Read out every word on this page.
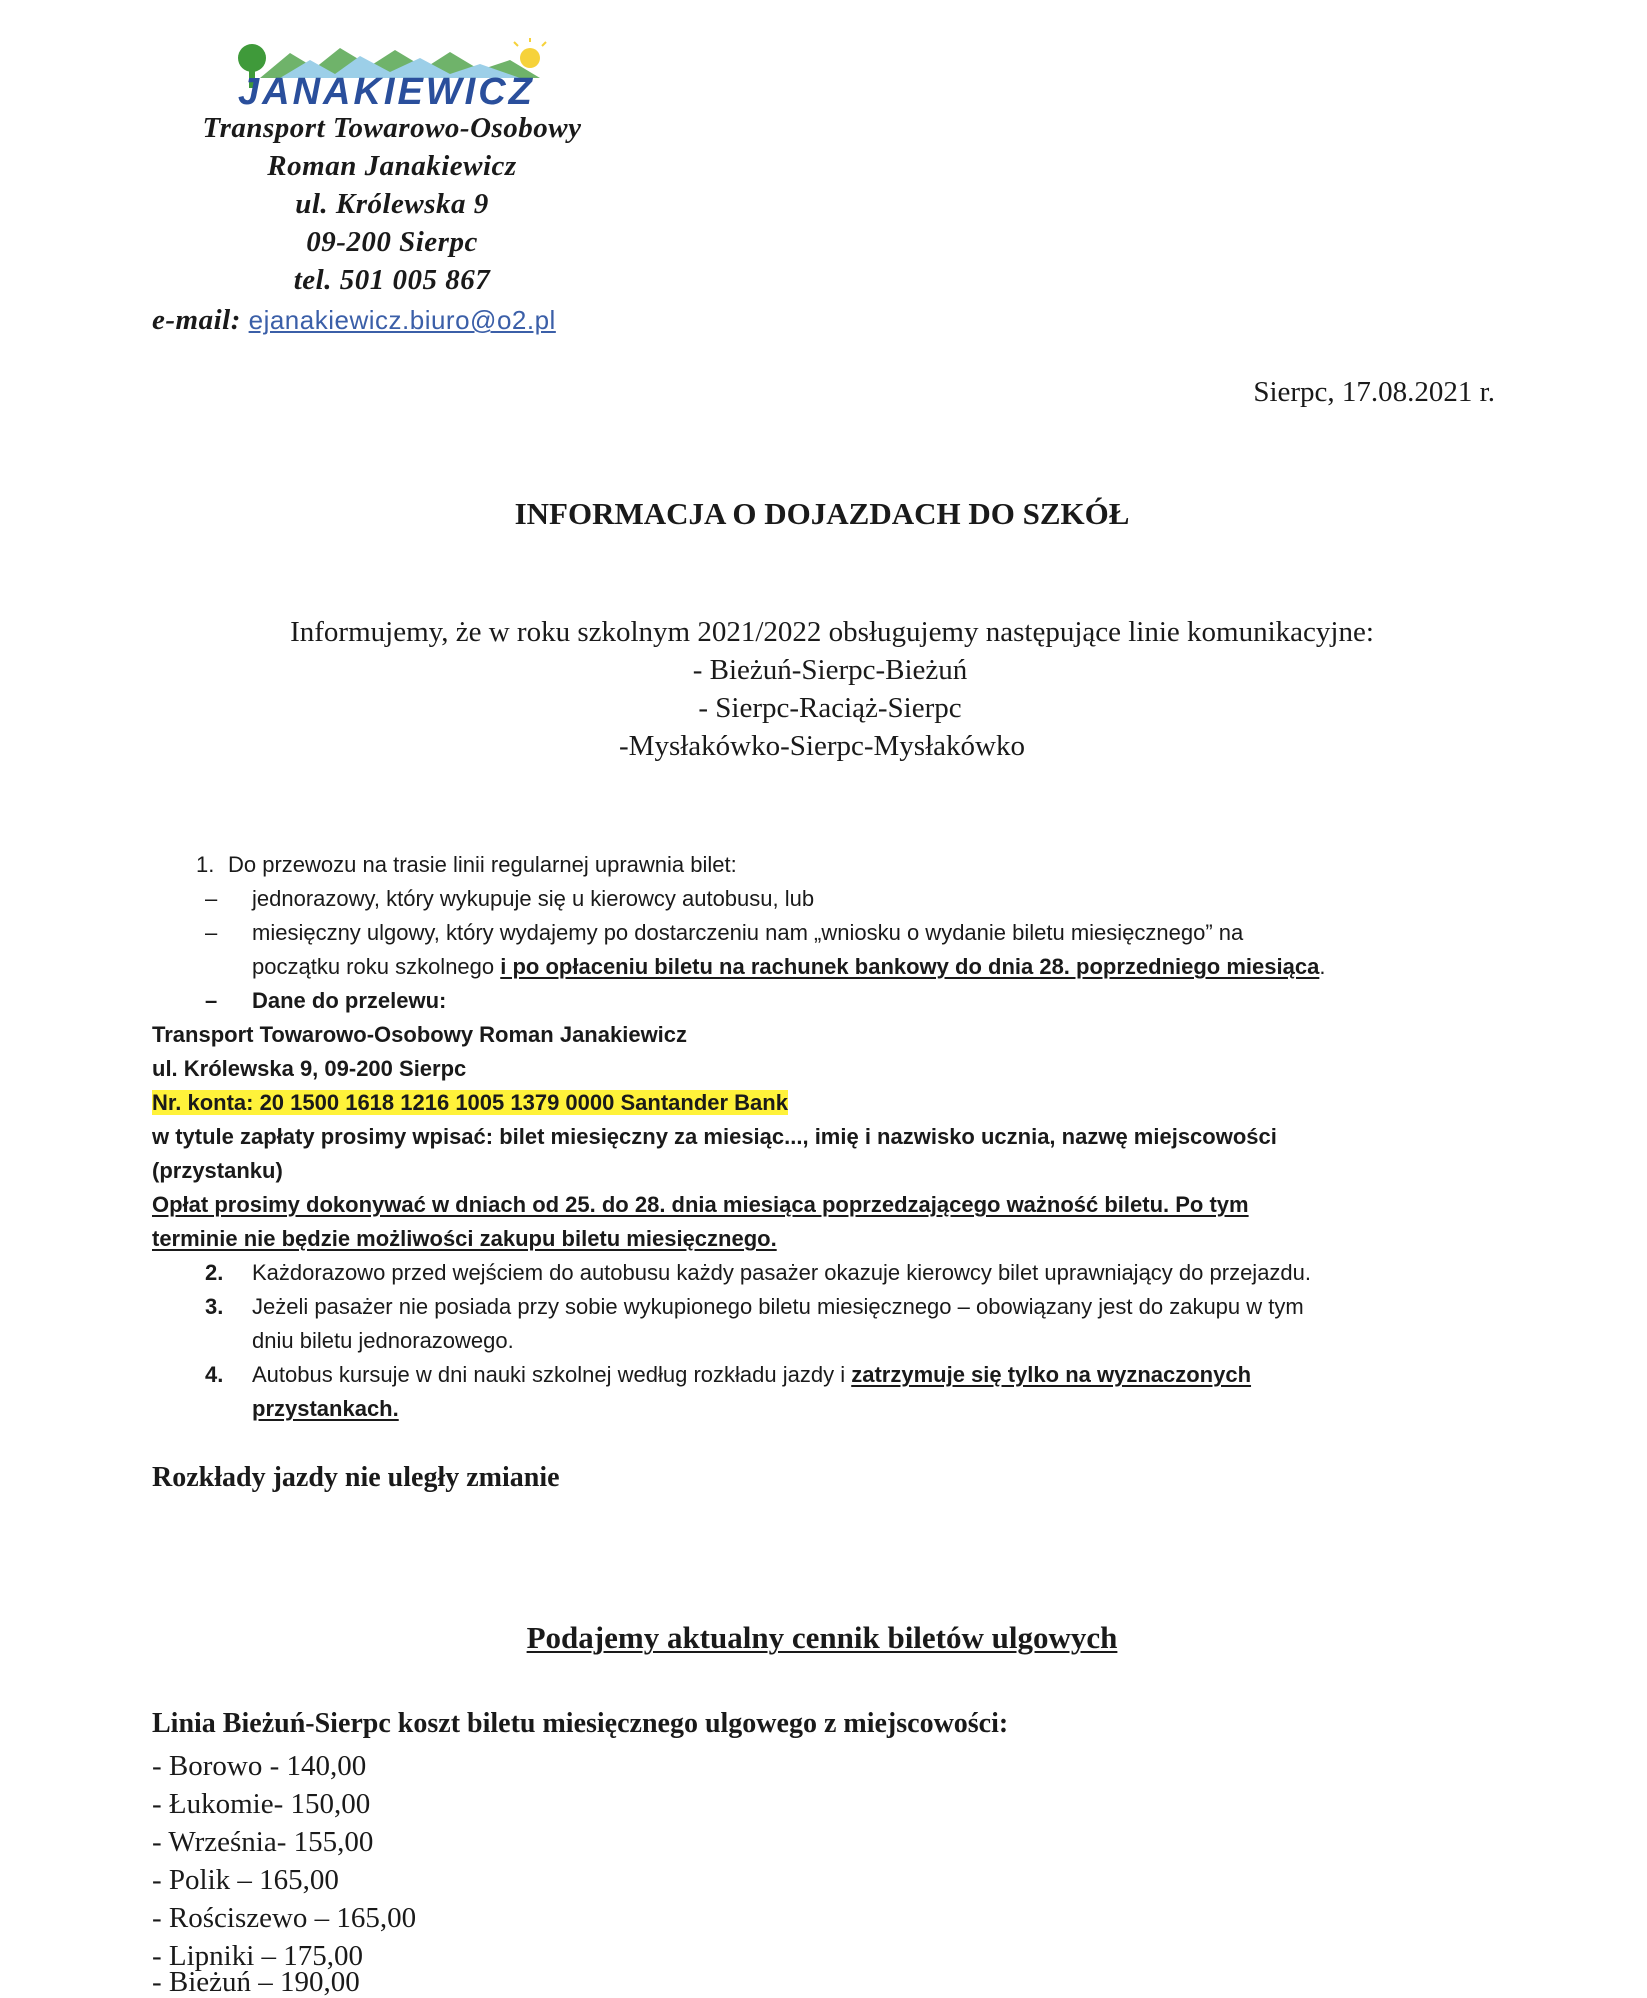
JANAKIEWICZ
Transport Towarowo-Osobowy
Roman Janakiewicz
ul. Królewska 9
09-200 Sierpc
tel. 501 005 867
e-mail: ejanakiewicz.biuro@o2.pl
Sierpc, 17.08.2021 r.
INFORMACJA O DOJAZDACH DO SZKÓŁ
Informujemy, że w roku szkolnym 2021/2022 obsługujemy następujące linie komunikacyjne:
- Bieżuń-Sierpc-Bieżuń
- Sierpc-Raciąż-Sierpc
-Mysłakówko-Sierpc-Mysłakówko
1. Do przewozu na trasie linii regularnej uprawnia bilet:
– jednorazowy, który wykupuje się u kierowcy autobusu, lub
– miesięczny ulgowy, który wydajemy po dostarczeniu nam „wniosku o wydanie biletu miesięcznego” na
początku roku szkolnego i po opłaceniu biletu na rachunek bankowy do dnia 28. poprzedniego miesiąca.
– Dane do przelewu:
Transport Towarowo-Osobowy Roman Janakiewicz
ul. Królewska 9, 09-200 Sierpc
Nr. konta: 20 1500 1618 1216 1005 1379 0000 Santander Bank
w tytule zapłaty prosimy wpisać: bilet miesięczny za miesiąc..., imię i nazwisko ucznia, nazwę miejscowości
(przystanku)
Opłat prosimy dokonywać w dniach od 25. do 28. dnia miesiąca poprzedzającego ważność biletu. Po tym
terminie nie będzie możliwości zakupu biletu miesięcznego.
2. Każdorazowo przed wejściem do autobusu każdy pasażer okazuje kierowcy bilet uprawniający do przejazdu.
3. Jeżeli pasażer nie posiada przy sobie wykupionego biletu miesięcznego – obowiązany jest do zakupu w tym
dniu biletu jednorazowego.
4. Autobus kursuje w dni nauki szkolnej według rozkładu jazdy i zatrzymuje się tylko na wyznaczonych
przystankach.
Rozkłady jazdy nie uległy zmianie
Podajemy aktualny cennik biletów ulgowych
Linia Bieżuń-Sierpc koszt biletu miesięcznego ulgowego z miejscowości:
- Borowo - 140,00
- Łukomie- 150,00
- Września- 155,00
- Polik – 165,00
- Rościszewo – 165,00
- Lipniki – 175,00
- Bieżuń – 190,00
